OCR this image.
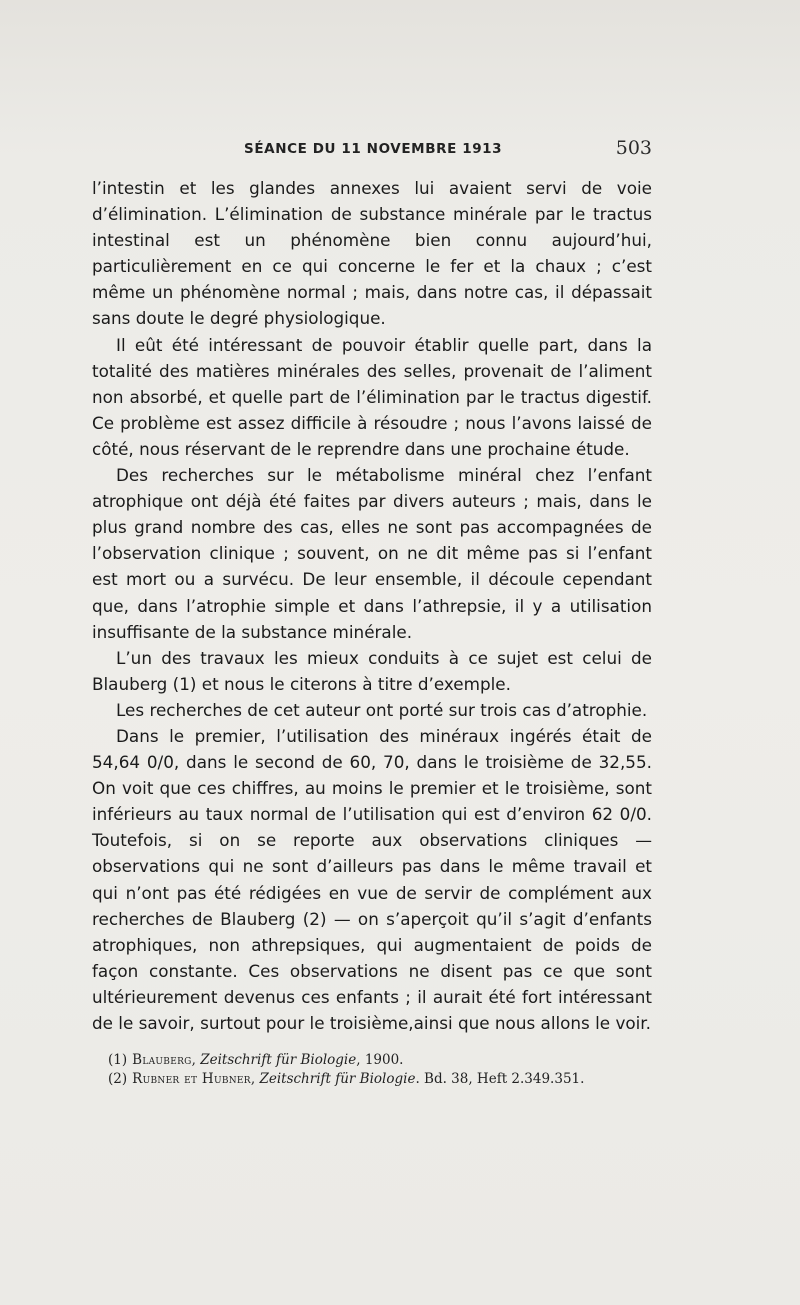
SÉANCE DU 11 NOVEMBRE 1913	503

l’intestin et les glandes annexes lui avaient servi de voie d’élimination. L’élimination de substance minérale par le tractus intestinal est un phénomène bien connu aujourd’hui, particulièrement en ce qui concerne le fer et la chaux ; c’est même un phénomène normal ; mais, dans notre cas, il dépassait sans doute le degré physiologique.

Il eût été intéressant de pouvoir établir quelle part, dans la totalité des matières minérales des selles, provenait de l’aliment non absorbé, et quelle part de l’élimination par le tractus digestif. Ce problème est assez difficile à résoudre ; nous l’avons laissé de côté, nous réservant de le reprendre dans une prochaine étude.

Des recherches sur le métabolisme minéral chez l’enfant atrophique ont déjà été faites par divers auteurs ; mais, dans le plus grand nombre des cas, elles ne sont pas accompagnées de l’observation clinique ; souvent, on ne dit même pas si l’enfant est mort ou a survécu. De leur ensemble, il découle cependant que, dans l’atrophie simple et dans l’athrepsie, il y a utilisation insuffisante de la substance minérale.

L’un des travaux les mieux conduits à ce sujet est celui de Blauberg (1) et nous le citerons à titre d’exemple.

Les recherches de cet auteur ont porté sur trois cas d’atrophie.

Dans le premier, l’utilisation des minéraux ingérés était de 54,64 0/0, dans le second de 60, 70, dans le troisième de 32,55. On voit que ces chiffres, au moins le premier et le troisième, sont inférieurs au taux normal de l’utilisation qui est d’environ 62 0/0. Toutefois, si on se reporte aux observations cliniques — observations qui ne sont d’ailleurs pas dans le même travail et qui n’ont pas été rédigées en vue de servir de complément aux recherches de Blauberg (2) — on s’aperçoit qu’il s’agit d’enfants atrophiques, non athrepsiques, qui augmentaient de poids de façon constante. Ces observations ne disent pas ce que sont ultérieurement devenus ces enfants ; il aurait été fort intéressant de le savoir, surtout pour le troisième,ainsi que nous allons le voir.

(1) Blauberg, Zeitschrift für Biologie, 1900.
(2) Rubner et Hubner, Zeitschrift für Biologie. Bd. 38, Heft 2.349.351.
